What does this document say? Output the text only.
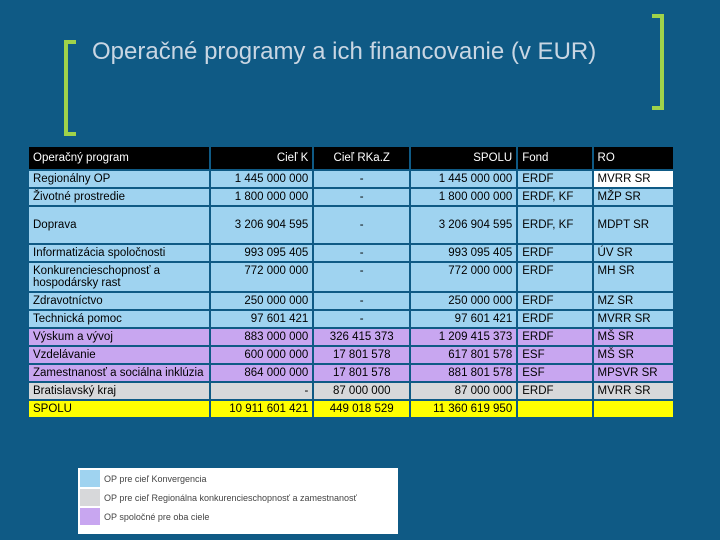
Operačné programy a ich financovanie (v EUR)
Operačný program	Cieľ K	Cieľ RKa.Z	SPOLU	Fond	RO
Regionálny OP	1 445 000 000	-	1 445 000 000	ERDF	MVRR SR
Životné prostredie	1 800 000 000	-	1 800 000 000	ERDF, KF	MŽP SR
Doprava	3 206 904 595	-	3 206 904 595	ERDF, KF	MDPT SR
Informatizácia spoločnosti	993 095 405	-	993 095 405	ERDF	ÚV SR
Konkurencieschopnosť a hospodársky rast	772 000 000	-	772 000 000	ERDF	MH SR
Zdravotníctvo	250 000 000	-	250 000 000	ERDF	MZ SR
Technická pomoc	97 601 421	-	97 601 421	ERDF	MVRR SR
Výskum a vývoj	883 000 000	326 415 373	1 209 415 373	ERDF	MŠ SR
Vzdelávanie	600 000 000	17 801 578	617 801 578	ESF	MŠ SR
Zamestnanosť a sociálna inklúzia	864 000 000	17 801 578	881 801 578	ESF	MPSVR SR
Bratislavský kraj	-	87 000 000	87 000 000	ERDF	MVRR SR
SPOLU	10 911 601 421	449 018 529	11 360 619 950		
OP pre cieľ Konvergencia
OP pre cieľ Regionálna konkurencieschopnosť a zamestnanosť
OP spoločné pre oba ciele
